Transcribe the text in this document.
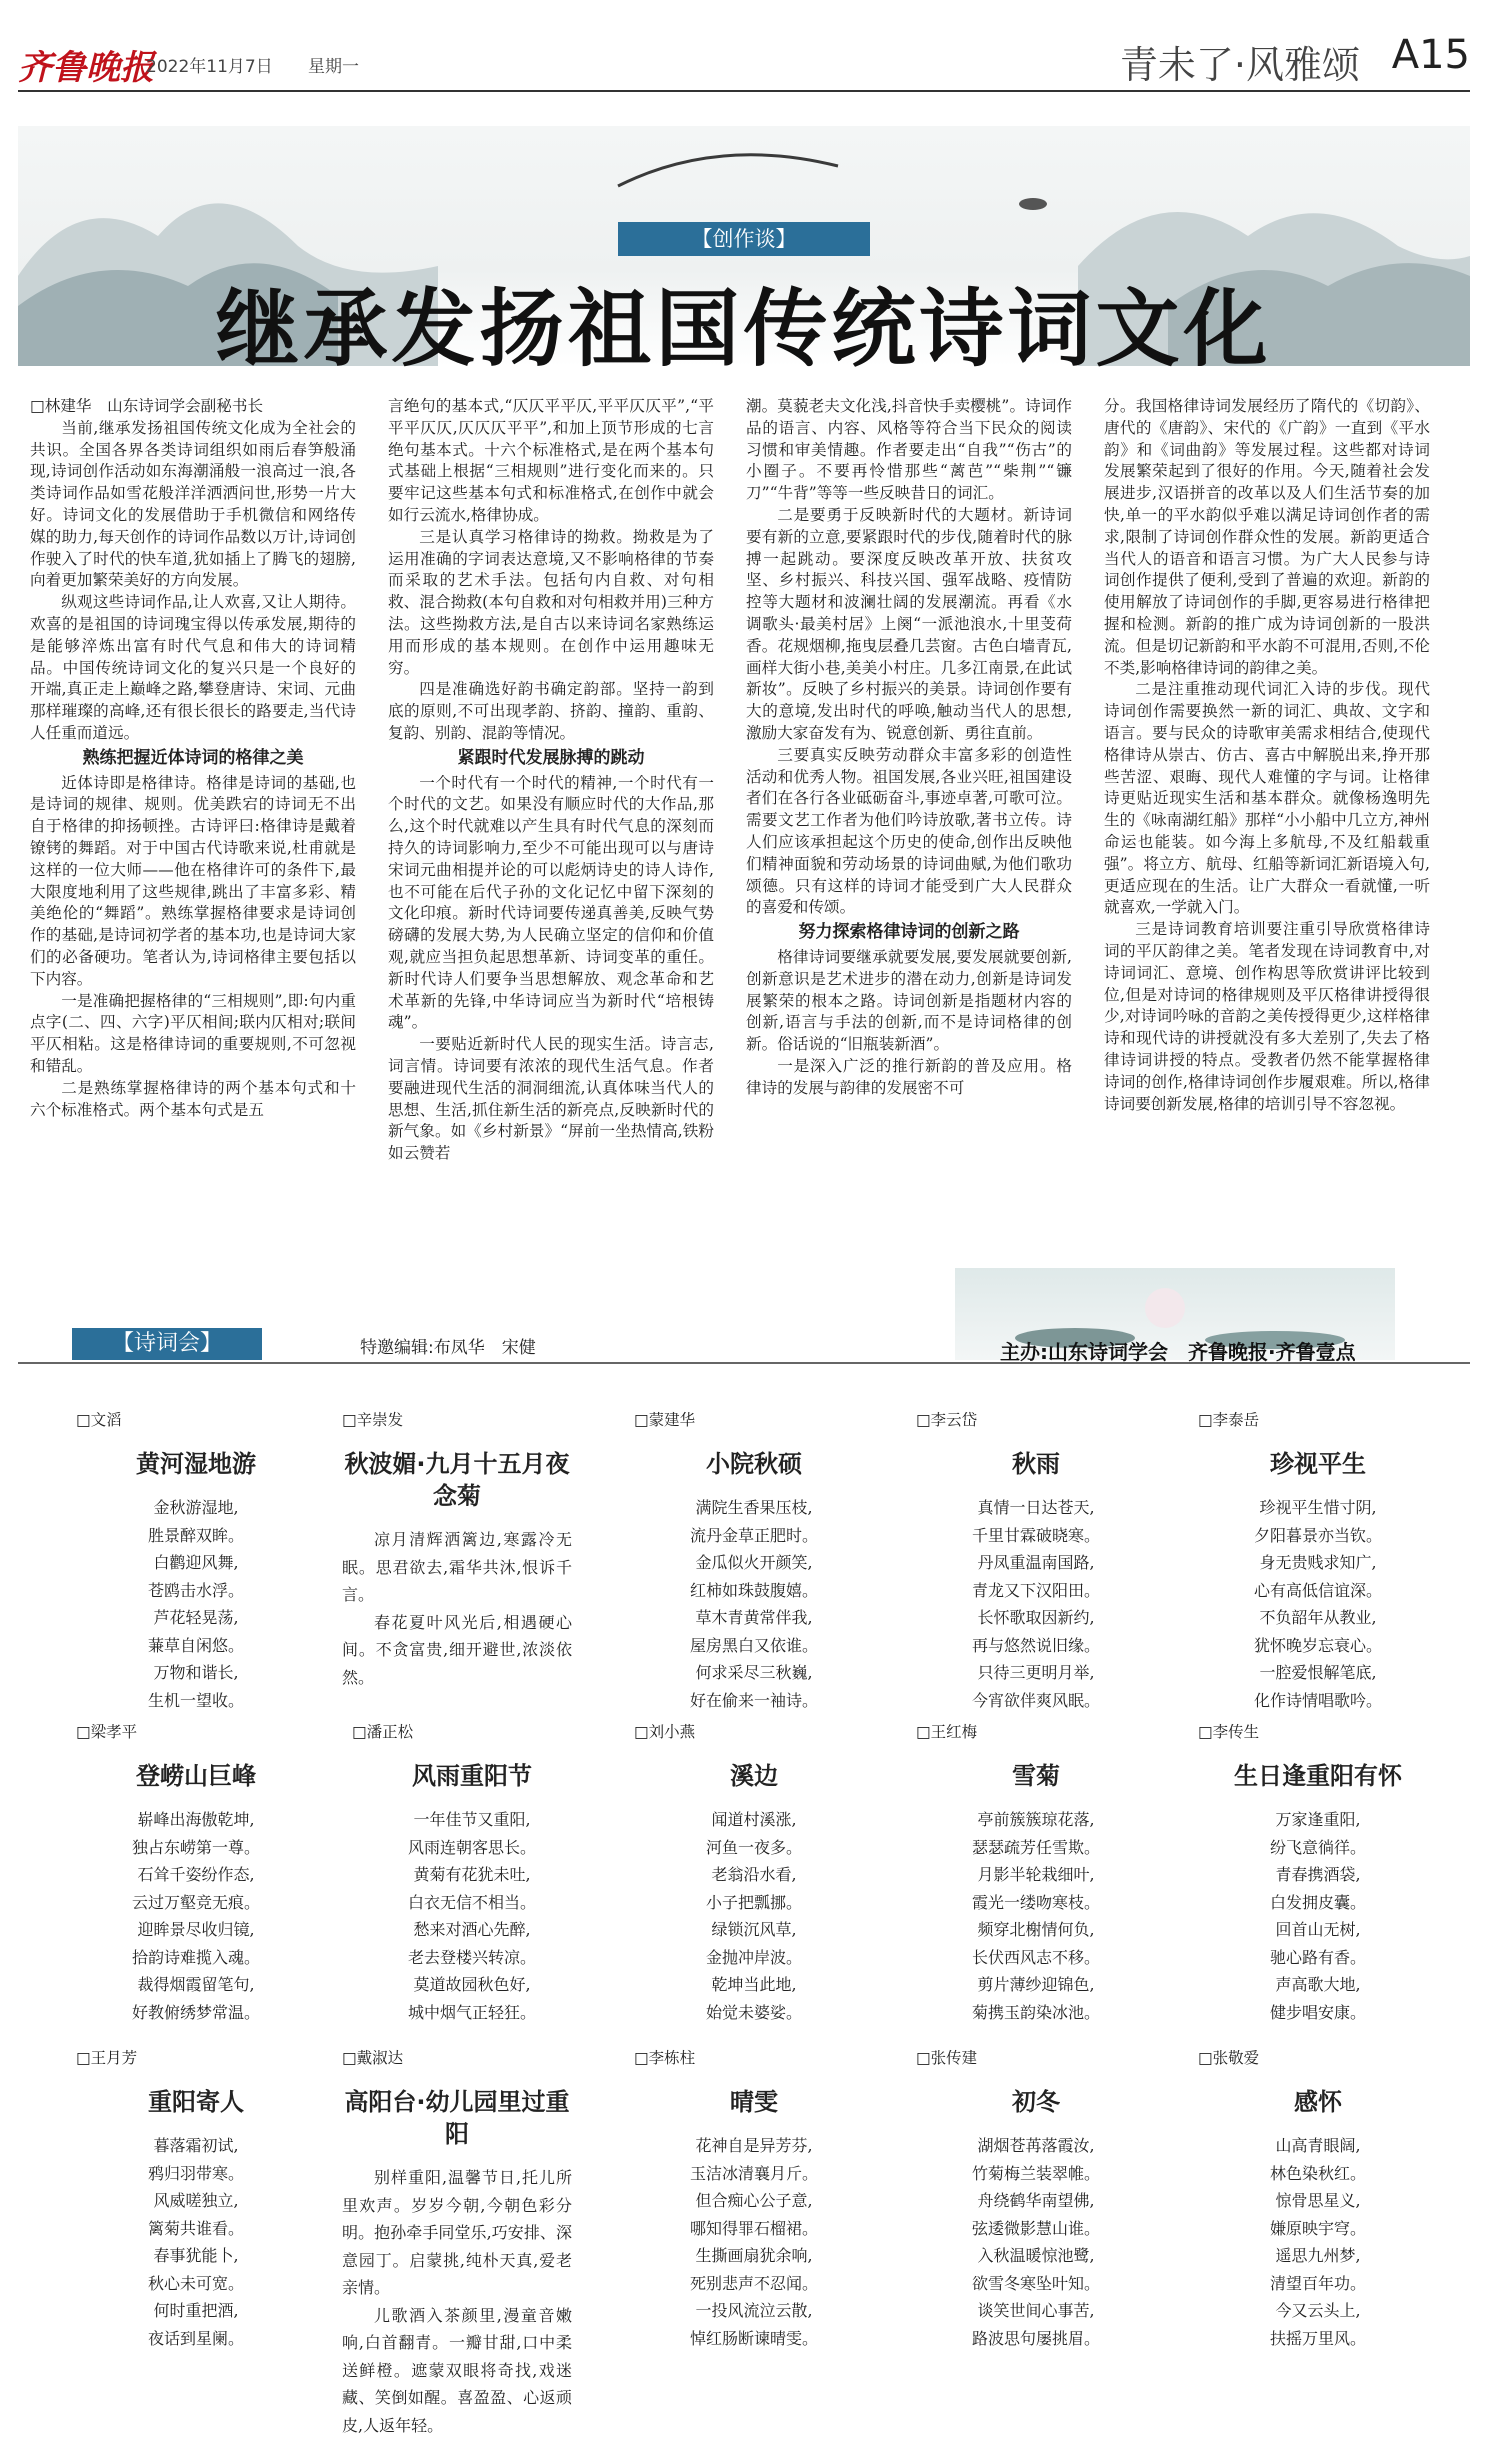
齐鲁晚报
2022年11月7日 星期一	青未了·风雅颂 A15
【创作谈】
继承发扬祖国传统诗词文化

□林建华　山东诗词学会副秘书长

当前,继承发扬祖国传统文化成为全社会的共识。全国各界各类诗词组织如雨后春笋般涌现,诗词创作活动如东海潮涌般一浪高过一浪,各类诗词作品如雪花般洋洋洒洒问世,形势一片大好。诗词文化的发展借助于手机微信和网络传媒的助力,每天创作的诗词作品数以万计,诗词创作驶入了时代的快车道,犹如插上了腾飞的翅膀,向着更加繁荣美好的方向发展。

纵观这些诗词作品,让人欢喜,又让人期待。欢喜的是祖国的诗词瑰宝得以传承发展,期待的是能够淬炼出富有时代气息和伟大的诗词精品。中国传统诗词文化的复兴只是一个良好的开端,真正走上巅峰之路,攀登唐诗、宋词、元曲那样璀璨的高峰,还有很长很长的路要走,当代诗人任重而道远。

熟练把握近体诗词的格律之美

近体诗即是格律诗。格律是诗词的基础,也是诗词的规律、规则。优美跌宕的诗词无不出自于格律的抑扬顿挫。古诗评曰:格律诗是戴着镣铐的舞蹈。对于中国古代诗歌来说,杜甫就是这样的一位大师——他在格律许可的条件下,最大限度地利用了这些规律,跳出了丰富多彩、精美绝伦的“舞蹈”。熟练掌握格律要求是诗词创作的基础,是诗词初学者的基本功,也是诗词大家们的必备硬功。笔者认为,诗词格律主要包括以下内容。

一是准确把握格律的“三相规则”,即:句内重点字(二、四、六字)平仄相间;联内仄相对;联间平仄相粘。这是格律诗词的重要规则,不可忽视和错乱。

二是熟练掌握格律诗的两个基本句式和十六个标准格式。两个基本句式是五

言绝句的基本式,“仄仄平平仄,平平仄仄平”,“平平平仄仄,仄仄仄平平”,和加上顶节形成的七言绝句基本式。十六个标准格式,是在两个基本句式基础上根据“三相规则”进行变化而来的。只要牢记这些基本句式和标准格式,在创作中就会如行云流水,格律协成。

三是认真学习格律诗的拗救。拗救是为了运用准确的字词表达意境,又不影响格律的节奏而采取的艺术手法。包括句内自救、对句相救、混合拗救(本句自救和对句相救并用)三种方法。这些拗救方法,是自古以来诗词名家熟练运用而形成的基本规则。在创作中运用趣味无穷。

四是准确选好韵书确定韵部。坚持一韵到底的原则,不可出现孝韵、挤韵、撞韵、重韵、复韵、别韵、混韵等情况。

紧跟时代发展脉搏的跳动

一个时代有一个时代的精神,一个时代有一个时代的文艺。如果没有顺应时代的大作品,那么,这个时代就难以产生具有时代气息的深刻而持久的诗词影响力,至少不可能出现可以与唐诗宋词元曲相提并论的可以彪炳诗史的诗人诗作,也不可能在后代子孙的文化记忆中留下深刻的文化印痕。新时代诗词要传递真善美,反映气势磅礴的发展大势,为人民确立坚定的信仰和价值观,就应当担负起思想革新、诗词变革的重任。新时代诗人们要争当思想解放、观念革命和艺术革新的先锋,中华诗词应当为新时代“培根铸魂”。

一要贴近新时代人民的现实生活。诗言志,词言情。诗词要有浓浓的现代生活气息。作者要融进现代生活的洞洞细流,认真体味当代人的思想、生活,抓住新生活的新亮点,反映新时代的新气象。如《乡村新景》“屏前一坐热情高,铁粉如云赞若

潮。莫藐老夫文化浅,抖音快手卖樱桃”。诗词作品的语言、内容、风格等符合当下民众的阅读习惯和审美情趣。作者要走出“自我”“伤古”的小圈子。不要再怜惜那些“蓠芭”“柴荆”“镰刀”“牛背”等等一些反映昔日的词汇。

二是要勇于反映新时代的大题材。新诗词要有新的立意,要紧跟时代的步伐,随着时代的脉搏一起跳动。要深度反映改革开放、扶贫攻坚、乡村振兴、科技兴国、强军战略、疫情防控等大题材和波澜壮阔的发展潮流。再看《水调歌头·最美村居》上阕“一派池浪水,十里芰荷香。花规烟柳,拖曳层叠几芸窗。古色白墙青瓦,画样大街小巷,美美小村庄。几多江南景,在此试新妆”。反映了乡村振兴的美景。诗词创作要有大的意境,发出时代的呼唤,触动当代人的思想,激励大家奋发有为、锐意创新、勇往直前。

三要真实反映劳动群众丰富多彩的创造性活动和优秀人物。祖国发展,各业兴旺,祖国建设者们在各行各业砥砺奋斗,事迹卓著,可歌可泣。需要文艺工作者为他们吟诗放歌,著书立传。诗人们应该承担起这个历史的使命,创作出反映他们精神面貌和劳动场景的诗词曲赋,为他们歌功颂德。只有这样的诗词才能受到广大人民群众的喜爱和传颂。

努力探索格律诗词的创新之路

格律诗词要继承就要发展,要发展就要创新,创新意识是艺术进步的潜在动力,创新是诗词发展繁荣的根本之路。诗词创新是指题材内容的创新,语言与手法的创新,而不是诗词格律的创新。俗话说的“旧瓶装新酒”。

一是深入广泛的推行新韵的普及应用。格律诗的发展与韵律的发展密不可

分。我国格律诗词发展经历了隋代的《切韵》、唐代的《唐韵》、宋代的《广韵》一直到《平水韵》和《词曲韵》等发展过程。这些都对诗词发展繁荣起到了很好的作用。今天,随着社会发展进步,汉语拼音的改革以及人们生活节奏的加快,单一的平水韵似乎难以满足诗词创作者的需求,限制了诗词创作群众性的发展。新韵更适合当代人的语音和语言习惯。为广大人民参与诗词创作提供了便利,受到了普遍的欢迎。新韵的使用解放了诗词创作的手脚,更容易进行格律把握和检测。新韵的推广成为诗词创新的一股洪流。但是切记新韵和平水韵不可混用,否则,不伦不类,影响格律诗词的韵律之美。

二是注重推动现代词汇入诗的步伐。现代诗词创作需要换然一新的词汇、典故、文字和语言。要与民众的诗歌审美需求相结合,使现代格律诗从崇古、仿古、喜古中解脱出来,挣开那些苦涩、艰晦、现代人难懂的字与词。让格律诗更贴近现实生活和基本群众。就像杨逸明先生的《咏南湖红船》那样“小小船中几立方,神州命运也能装。如今海上多航母,不及红船载重强”。将立方、航母、红船等新词汇新语境入句,更适应现在的生活。让广大群众一看就懂,一听就喜欢,一学就入门。

三是诗词教育培训要注重引导欣赏格律诗词的平仄韵律之美。笔者发现在诗词教育中,对诗词词汇、意境、创作构思等欣赏讲评比较到位,但是对诗词的格律规则及平仄格律讲授得很少,对诗词吟咏的音韵之美传授得更少,这样格律诗和现代诗的讲授就没有多大差别了,失去了格律诗词讲授的特点。受教者仍然不能掌握格律诗词的创作,格律诗词创作步履艰难。所以,格律诗词要创新发展,格律的培训引导不容忽视。

主办:山东诗词学会　齐鲁晚报·齐鲁壹点
【诗词会】	特邀编辑:布凤华　宋健
□文滔
黄河湿地游
金秋游湿地,
胜景醉双眸。
白鹳迎风舞,
苍鸥击水浮。
芦花轻晃荡,
蒹草自闲悠。
万物和谐长,
生机一望收。
□辛崇发
秋波媚·九月十五月夜念菊
凉月清辉洒篱边,寒露冷无眠。思君欲去,霜华共沐,恨诉千言。
春花夏叶风光后,相遇硬心间。不贪富贵,细开避世,浓淡依然。
□蒙建华
小院秋硕
满院生香果压枝,
流丹金草正肥时。
金瓜似火开颜笑,
红柿如珠鼓腹嬉。
草木青黄常伴我,
屋房黑白又依谁。
何求采尽三秋巍,
好在偷来一袖诗。
□李云岱
秋雨
真情一日达苍天,
千里甘霖破晓寒。
丹凤重温南国路,
青龙又下汉阳田。
长怀歌取因新约,
再与悠然说旧缘。
只待三更明月举,
今宵欲伴爽风眠。
□李泰岳
珍视平生
珍视平生惜寸阴,
夕阳暮景亦当钦。
身无贵贱求知广,
心有高低信谊深。
不负韶年从教业,
犹怀晚岁忘衰心。
一腔爱恨解笔底,
化作诗情唱歌吟。
□梁孝平
登崂山巨峰
崭峰出海傲乾坤,
独占东崂第一尊。
石耸千姿纷作态,
云过万壑竞无痕。
迎眸景尽收归镜,
拾韵诗难揽入魂。
裁得烟霞留笔句,
好教俯绣梦常温。
□潘正松
风雨重阳节
一年佳节又重阳,
风雨连朝客思长。
黄菊有花犹未吐,
白衣无信不相当。
愁来对酒心先醉,
老去登楼兴转凉。
莫道故园秋色好,
城中烟气正轻狂。
□刘小燕
溪边
闻道村溪涨,
河鱼一夜多。
老翁沿水看,
小子把瓢挪。
绿锁沉风草,
金抛冲岸波。
乾坤当此地,
始觉未婆娑。
□王红梅
雪菊
亭前簇簇琼花落,
瑟瑟疏芳任雪欺。
月影半轮栽细叶,
霞光一缕吻寒枝。
频穿北榭情何负,
长伏西风志不移。
剪片薄纱迎锦色,
菊携玉韵染冰池。
□李传生
生日逢重阳有怀
万家逢重阳,
纷飞意徜徉。
青春携酒袋,
白发拥皮囊。
回首山无树,
驰心路有香。
声高歌大地,
健步唱安康。
□王月芳
重阳寄人
暮落霜初试,
鸦归羽带寒。
风威嗟独立,
篱菊共谁看。
春事犹能卜,
秋心未可宽。
何时重把酒,
夜话到星阑。
□戴淑达
高阳台·幼儿园里过重阳
别样重阳,温馨节日,托儿所里欢声。岁岁今朝,今朝色彩分明。抱孙牵手同堂乐,巧安排、深意园丁。启蒙挑,纯朴天真,爱老亲情。
儿歌酒入茶颜里,漫童音嫩响,白首翻青。一瓣甘甜,口中柔送鲜橙。遮蒙双眼将奇找,戏迷藏、笑倒如醒。喜盈盈、心返顽皮,人返年轻。
□李栋柱
晴雯
花神自是异芳芬,
玉洁冰清襄月斤。
但合痴心公子意,
哪知得罪石榴裙。
生撕画扇犹余响,
死别悲声不忍闻。
一投风流泣云散,
悼红肠断谏晴雯。
□张传建
初冬
湖烟苍苒落霞汝,
竹菊梅兰装翠帷。
舟绕鹤华南望佛,
弦逶微影慧山谁。
入秋温暖惊池鹭,
欲雪冬寒坠叶知。
谈笑世间心事苦,
路波思句屡挑眉。
□张敬爱
感怀
山高青眼阔,
林色染秋红。
惊骨思星义,
嫌原映宇穹。
遥思九州梦,
清望百年功。
今又云头上,
扶摇万里风。
